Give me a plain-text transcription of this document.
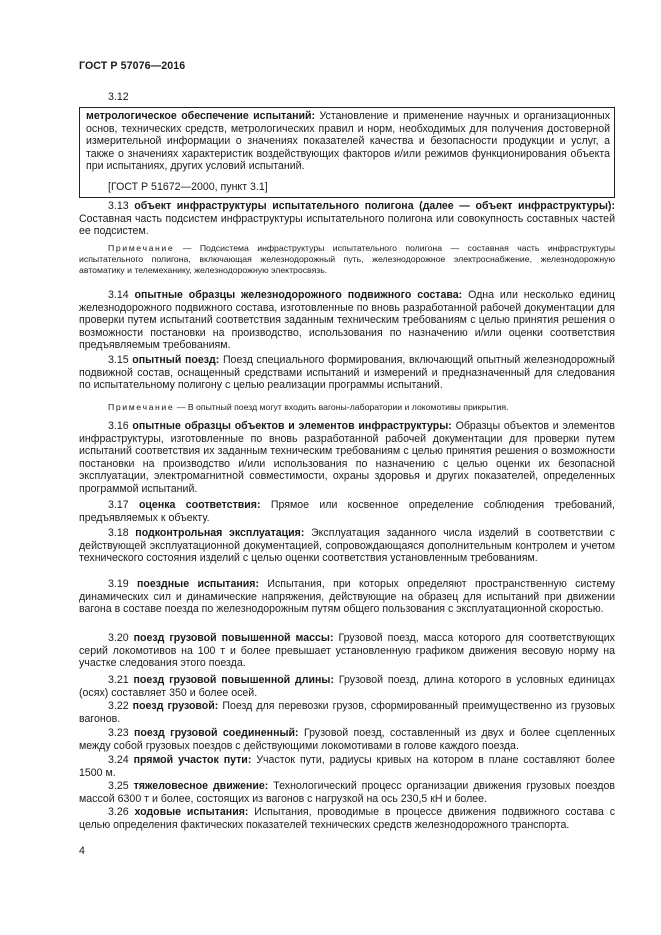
ГОСТ Р 57076—2016
3.12
метрологическое обеспечение испытаний: Установление и применение научных и организационных основ, технических средств, метрологических правил и норм, необходимых для получения достоверной измерительной информации о значениях показателей качества и безопасности продукции и услуг, а также о значениях характеристик воздействующих факторов и/или режимов функционирования объекта при испытаниях, других условий испытаний.
[ГОСТ Р 51672—2000, пункт 3.1]
3.13 объект инфраструктуры испытательного полигона (далее — объект инфраструктуры): Составная часть подсистем инфраструктуры испытательного полигона или совокупность составных частей ее подсистем.
Примечание — Подсистема инфраструктуры испытательного полигона — составная часть инфраструктуры испытательного полигона, включающая железнодорожный путь, железнодорожное электроснабжение, железнодорожную автоматику и телемеханику, железнодорожную электросвязь.
3.14 опытные образцы железнодорожного подвижного состава: Одна или несколько единиц железнодорожного подвижного состава, изготовленные по вновь разработанной рабочей документации для проверки путем испытаний соответствия заданным техническим требованиям с целью принятия решения о возможности постановки на производство, использования по назначению и/или оценки соответствия предъявляемым требованиям.
3.15 опытный поезд: Поезд специального формирования, включающий опытный железнодорожный подвижной состав, оснащенный средствами испытаний и измерений и предназначенный для следования по испытательному полигону с целью реализации программы испытаний.
Примечание — В опытный поезд могут входить вагоны-лаборатории и локомотивы прикрытия.
3.16 опытные образцы объектов и элементов инфраструктуры: Образцы объектов и элементов инфраструктуры, изготовленные по вновь разработанной рабочей документации для проверки путем испытаний соответствия их заданным техническим требованиям с целью принятия решения о возможности постановки на производство и/или использования по назначению с целью оценки их безопасной эксплуатации, электромагнитной совместимости, охраны здоровья и других показателей, определенных программой испытаний.
3.17 оценка соответствия: Прямое или косвенное определение соблюдения требований, предъявляемых к объекту.
3.18 подконтрольная эксплуатация: Эксплуатация заданного числа изделий в соответствии с действующей эксплуатационной документацией, сопровождающаяся дополнительным контролем и учетом технического состояния изделий с целью оценки соответствия установленным требованиям.
3.19 поездные испытания: Испытания, при которых определяют пространственную систему динамических сил и динамические напряжения, действующие на образец для испытаний при движении вагона в составе поезда по железнодорожным путям общего пользования с эксплуатационной скоростью.
3.20 поезд грузовой повышенной массы: Грузовой поезд, масса которого для соответствующих серий локомотивов на 100 т и более превышает установленную графиком движения весовую норму на участке следования этого поезда.
3.21 поезд грузовой повышенной длины: Грузовой поезд, длина которого в условных единицах (осях) составляет 350 и более осей.
3.22 поезд грузовой: Поезд для перевозки грузов, сформированный преимущественно из грузовых вагонов.
3.23 поезд грузовой соединенный: Грузовой поезд, составленный из двух и более сцепленных между собой грузовых поездов с действующими локомотивами в голове каждого поезда.
3.24 прямой участок пути: Участок пути, радиусы кривых на котором в плане составляют более 1500 м.
3.25 тяжеловесное движение: Технологический процесс организации движения грузовых поездов массой 6300 т и более, состоящих из вагонов с нагрузкой на ось 230,5 кН и более.
3.26 ходовые испытания: Испытания, проводимые в процессе движения подвижного состава с целью определения фактических показателей технических средств железнодорожного транспорта.
4
